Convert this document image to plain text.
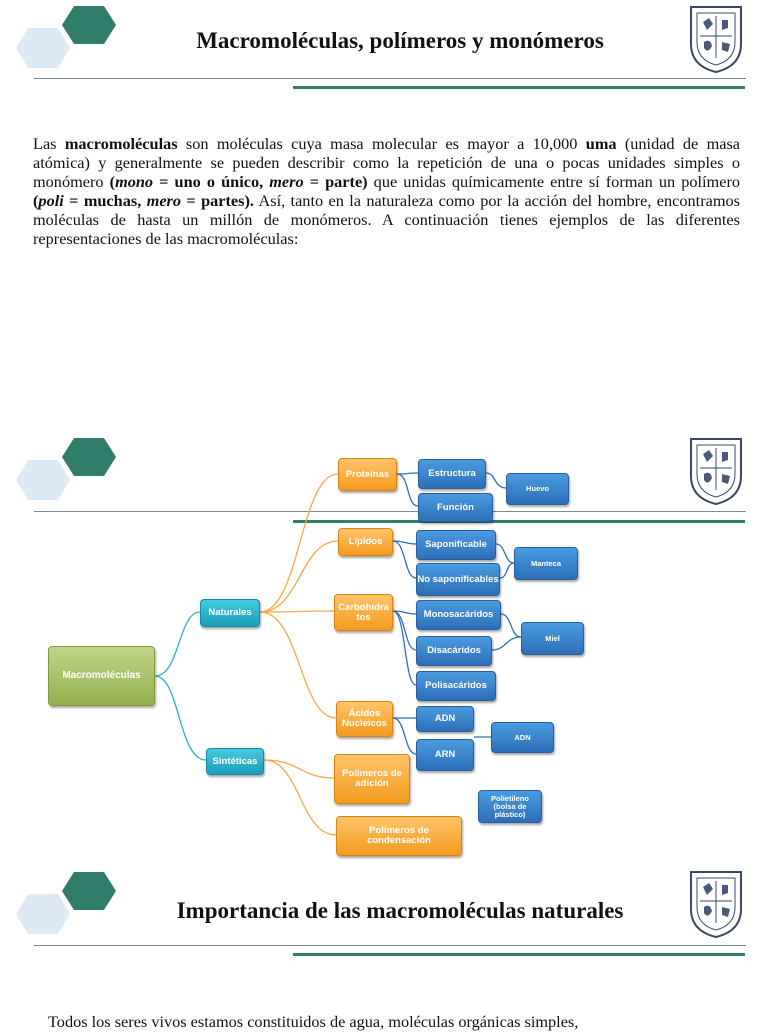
Macromoléculas, polímeros y monómeros
Las macromoléculas son moléculas cuya masa molecular es mayor a 10,000 uma (unidad de masa atómica) y generalmente se pueden describir como la repetición de una o pocas unidades simples o monómero (mono = uno o único, mero = parte) que unidas químicamente entre sí forman un polímero (poli = muchas, mero = partes). Así, tanto en la naturaleza como por la acción del hombre, encontramos moléculas de hasta un millón de monómeros. A continuación tienes ejemplos de las diferentes representaciones de las macromoléculas:
Macromoléculas
Naturales
Sintéticas
Proteínas
Lípidos
Carbohidra tos
Ácidos Nucleicos
Polímeros de adición
Polímeros de condensación
Estructura
Función
Saponificable
No saponificables
Monosacáridos
Disacáridos
Polisacáridos
ADN
ARN
Huevo
Manteca
Miel
ADN
Polietileno (bolsa de plástico)
Importancia de las macromoléculas naturales
Todos los seres vivos estamos constituidos de agua, moléculas orgánicas simples,
